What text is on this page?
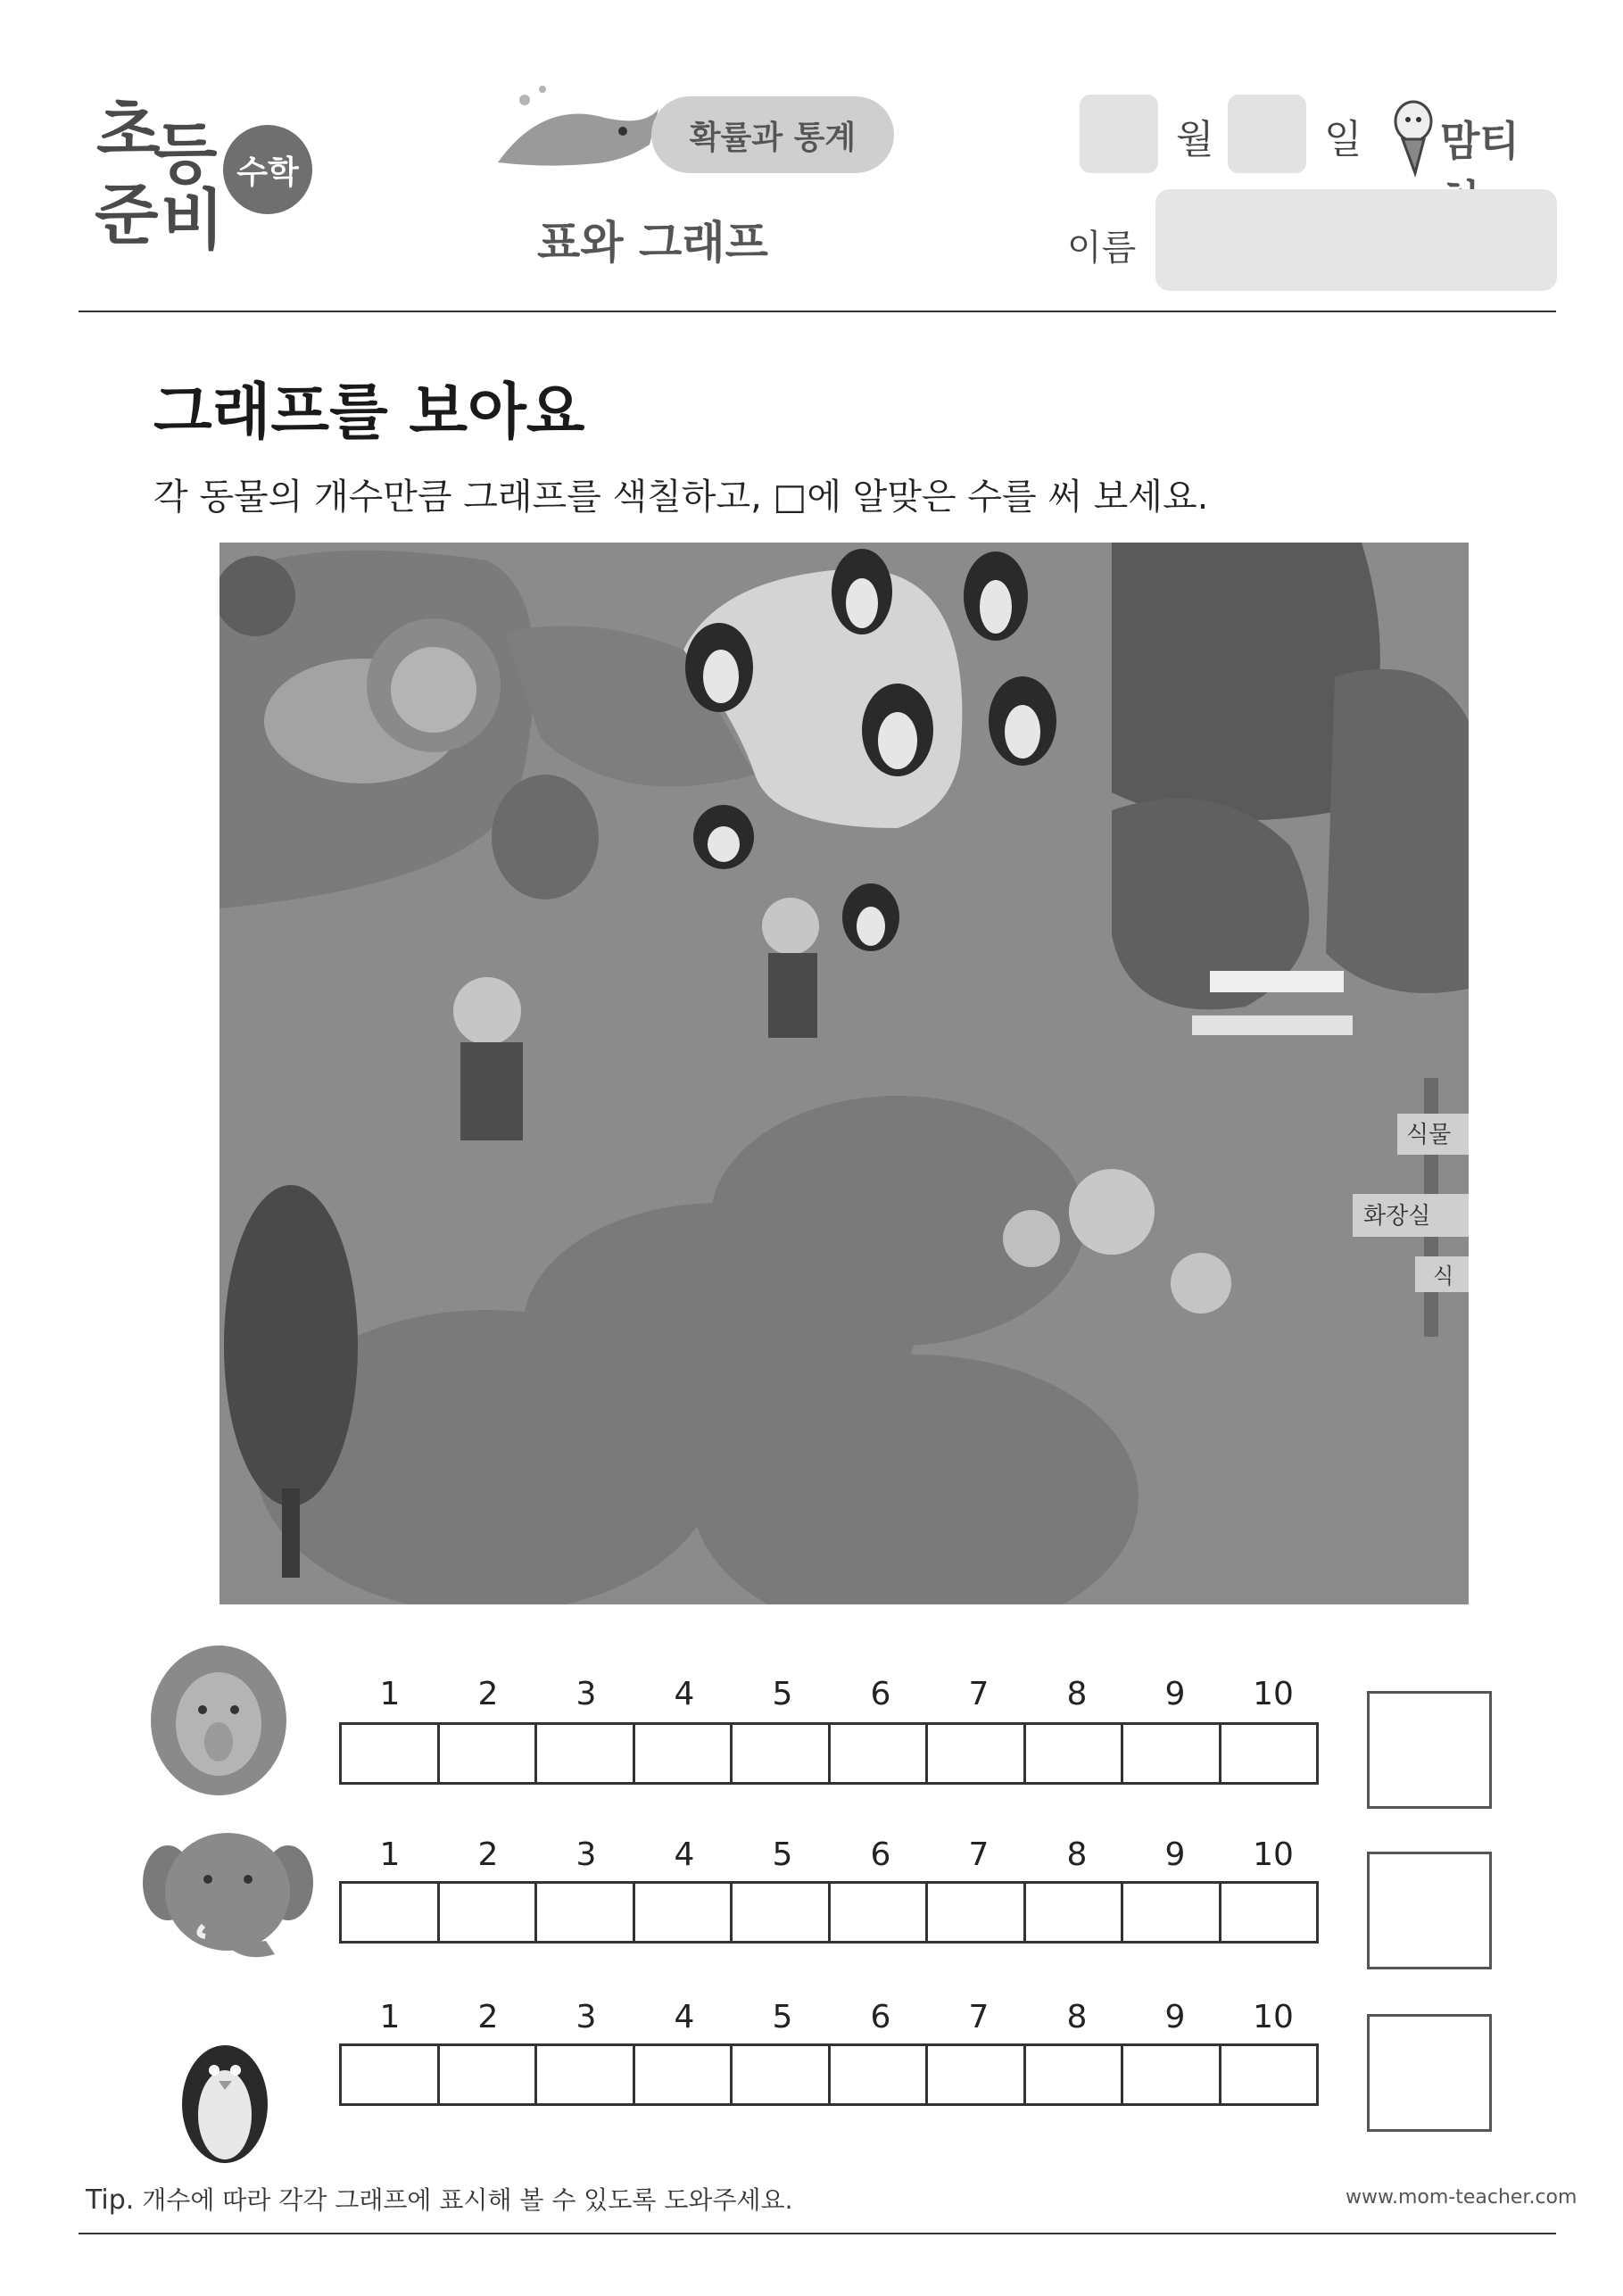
초
등
준 비
수학
확률과 통계
표와 그래프
월	일 맘티
이름
그래프를 보아요
각 동물의 개수만큼 그래프를 색칠하고, □에 알맞은 수를 써 보세요.
식물
화장실
식
1	2	3	4	5	6	7	8	9	10
1	2	3	4	5	6	7	8	9	10
1	2	3	4	5	6	7	8	9	10
Tip. 개수에 따라 각각 그래프에 표시해 볼 수 있도록 도와주세요.	www.mom-teacher.com
